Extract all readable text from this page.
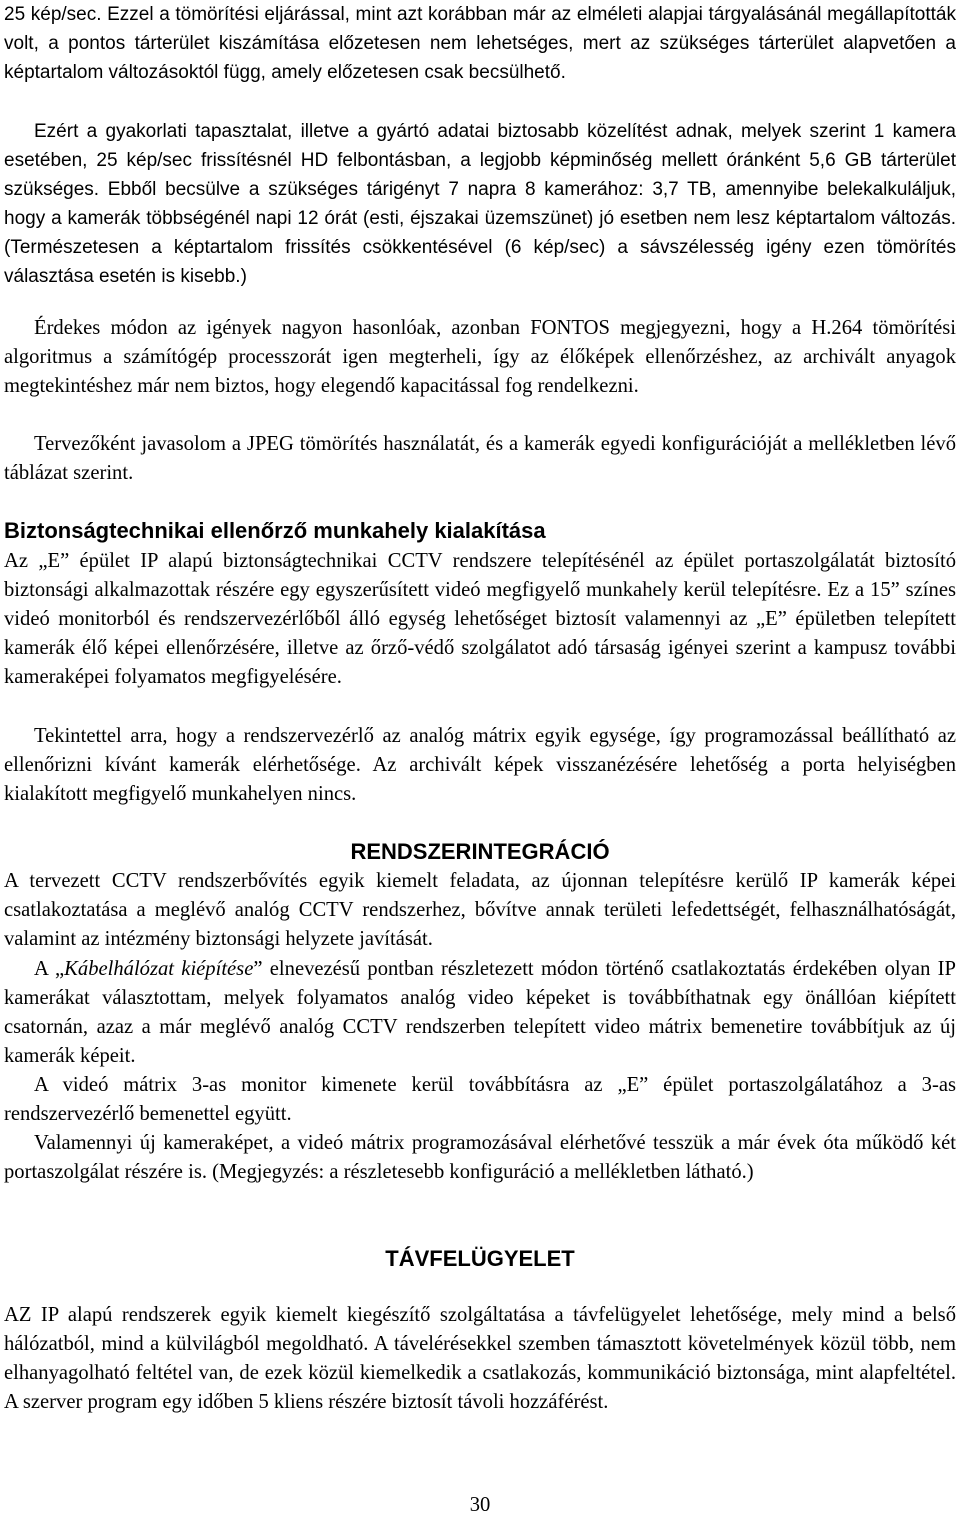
25 kép/sec. Ezzel a tömörítési eljárással, mint azt korábban már az elméleti alapjai tárgyalásánál megállapították volt, a pontos tárterület kiszámítása előzetesen nem lehetséges, mert az szükséges tárterület alapvetően a képtartalom változásoktól függ, amely előzetesen csak becsülhető.

Ezért a gyakorlati tapasztalat, illetve a gyártó adatai biztosabb közelítést adnak, melyek szerint 1 kamera esetében, 25 kép/sec frissítésnél HD felbontásban, a legjobb képminőség mellett óránként 5,6 GB tárterület szükséges. Ebből becsülve a szükséges tárigényt 7 napra 8 kamerához: 3,7 TB, amennyibe belekalkuláljuk, hogy a kamerák többségénél napi 12 órát (esti, éjszakai üzemszünet) jó esetben nem lesz képtartalom változás. (Természetesen a képtartalom frissítés csökkentésével (6 kép/sec) a sávszélesség igény ezen tömörítés választása esetén is kisebb.)

Érdekes módon az igények nagyon hasonlóak, azonban FONTOS megjegyezni, hogy a H.264 tömörítési algoritmus a számítógép processzorát igen megterheli, így az élőképek ellenőrzéshez, az archivált anyagok megtekintéshez már nem biztos, hogy elegendő kapacitással fog rendelkezni.

Tervezőként javasolom a JPEG tömörítés használatát, és a kamerák egyedi konfigurációját a mellékletben lévő táblázat szerint.

Biztonságtechnikai ellenőrző munkahely kialakítása

Az „E” épület IP alapú biztonságtechnikai CCTV rendszere telepítésénél az épület portaszolgálatát biztosító biztonsági alkalmazottak részére egy egyszerűsített videó megfigyelő munkahely kerül telepítésre. Ez a 15” színes videó monitorból és rendszervezérlőből álló egység lehetőséget biztosít valamennyi az „E” épületben telepített kamerák élő képei ellenőrzésére, illetve az őrző-védő szolgálatot adó társaság igényei szerint a kampusz további kameraképei folyamatos megfigyelésére.

Tekintettel arra, hogy a rendszervezérlő az analóg mátrix egyik egysége, így programozással beállítható az ellenőrizni kívánt kamerák elérhetősége. Az archivált képek visszanézésére lehetőség a porta helyiségben kialakított megfigyelő munkahelyen nincs.

RENDSZERINTEGRÁCIÓ

A tervezett CCTV rendszerbővítés egyik kiemelt feladata, az újonnan telepítésre kerülő IP kamerák képei csatlakoztatása a meglévő analóg CCTV rendszerhez, bővítve annak területi lefedettségét, felhasználhatóságát, valamint az intézmény biztonsági helyzete javítását.

A „Kábelhálózat kiépítése” elnevezésű pontban részletezett módon történő csatlakoztatás érdekében olyan IP kamerákat választottam, melyek folyamatos analóg video képeket is továbbíthatnak egy önállóan kiépített csatornán, azaz a már meglévő analóg CCTV rendszerben telepített video mátrix bemenetire továbbítjuk az új kamerák képeit.

A videó mátrix 3-as monitor kimenete kerül továbbításra az „E” épület portaszolgálatához a 3-as rendszervezérlő bemenettel együtt.

Valamennyi új kameraképet, a videó mátrix programozásával elérhetővé tesszük a már évek óta működő két portaszolgálat részére is. (Megjegyzés: a részletesebb konfiguráció a mellékletben látható.)

TÁVFELÜGYELET

AZ IP alapú rendszerek egyik kiemelt kiegészítő szolgáltatása a távfelügyelet lehetősége, mely mind a belső hálózatból, mind a külvilágból megoldható. A távelérésekkel szemben támasztott követelmények közül több, nem elhanyagolható feltétel van, de ezek közül kiemelkedik a csatlakozás, kommunikáció biztonsága, mint alapfeltétel. A szerver program egy időben 5 kliens részére biztosít távoli hozzáférést.

30
